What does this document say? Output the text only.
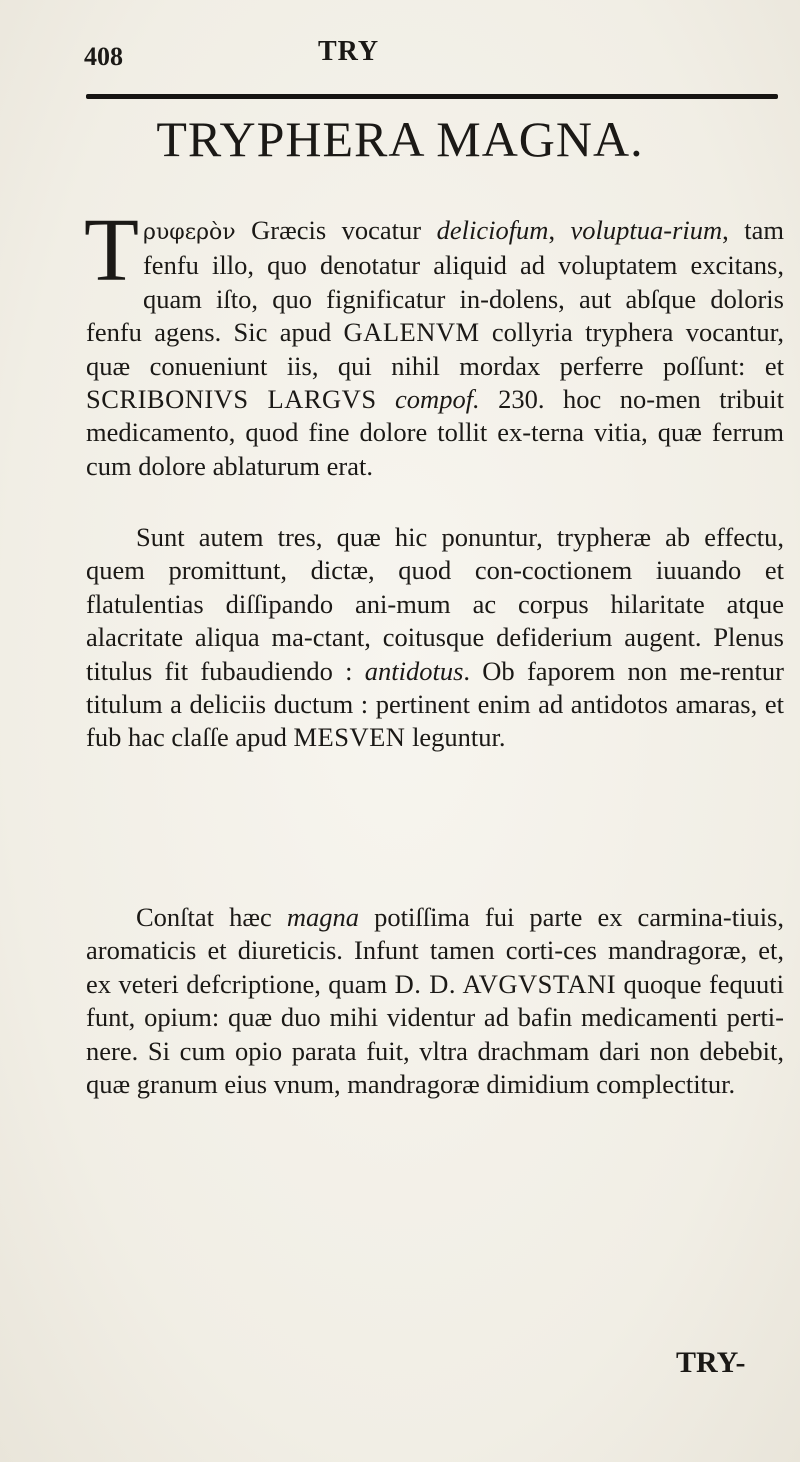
408	TRY
TRYPHERA MAGNA.
Tρυφερὸν Græcis vocatur deliciofum, voluptua-rium, tam fenfu illo, quo denotatur aliquid ad voluptatem excitans, quam iſto, quo fignificatur in-dolens, aut abſque doloris fenfu agens. Sic apud GALENVM collyria tryphera vocantur, quæ conueniunt iis, qui nihil mordax perferre poſſunt: et SCRIBONIVS LARGVS compof. 230. hoc no-men tribuit medicamento, quod fine dolore tollit ex-terna vitia, quæ ferrum cum dolore ablaturum erat.
Sunt autem tres, quæ hic ponuntur, trypheræ ab effectu, quem promittunt, dictæ, quod con-coctionem iuuando et flatulentias diſſipando ani-mum ac corpus hilaritate atque alacritate aliqua ma-ctant, coitusque defiderium augent. Plenus titulus fit fubaudiendo : antidotus. Ob faporem non me-rentur titulum a deliciis ductum : pertinent enim ad antidotos amaras, et fub hac claſſe apud MESVEN leguntur.
Conſtat hæc magna potiſſima fui parte ex carmina-tiuis, aromaticis et diureticis. Infunt tamen corti-ces mandragoræ, et, ex veteri defcriptione, quam D. D. AVGVSTANI quoque fequuti funt, opium: quæ duo mihi videntur ad bafin medicamenti perti-nere. Si cum opio parata fuit, vltra drachmam dari non debebit, quæ granum eius vnum, mandragoræ dimidium complectitur.
TRY-
